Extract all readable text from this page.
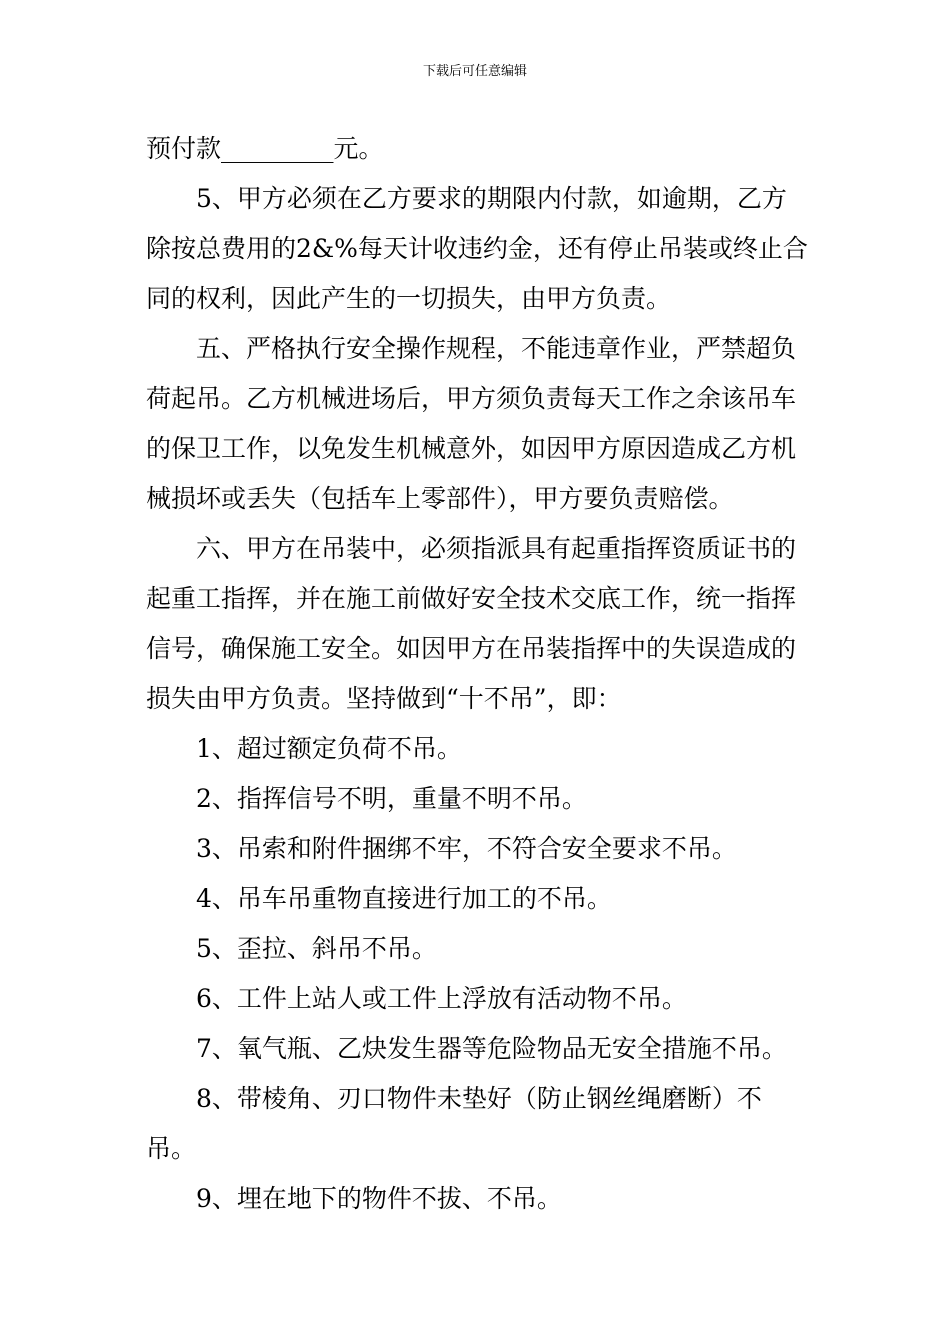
下载后可任意编辑

预付款_________元。

5、甲方必须在乙方要求的期限内付款，如逾期，乙方除按总费用的2&%每天计收违约金，还有停止吊装或终止合同的权利，因此产生的一切损失，由甲方负责。

五、严格执行安全操作规程，不能违章作业，严禁超负荷起吊。乙方机械进场后，甲方须负责每天工作之余该吊车的保卫工作，以免发生机械意外，如因甲方原因造成乙方机械损坏或丢失（包括车上零部件），甲方要负责赔偿。

六、甲方在吊装中，必须指派具有起重指挥资质证书的起重工指挥，并在施工前做好安全技术交底工作，统一指挥信号，确保施工安全。如因甲方在吊装指挥中的失误造成的损失由甲方负责。坚持做到“十不吊”，即：

1、超过额定负荷不吊。

2、指挥信号不明，重量不明不吊。

3、吊索和附件捆绑不牢，不符合安全要求不吊。

4、吊车吊重物直接进行加工的不吊。

5、歪拉、斜吊不吊。

6、工件上站人或工件上浮放有活动物不吊。

7、氧气瓶、乙炔发生器等危险物品无安全措施不吊。

8、带棱角、刃口物件未垫好（防止钢丝绳磨断）不吊。

9、埋在地下的物件不拔、不吊。
